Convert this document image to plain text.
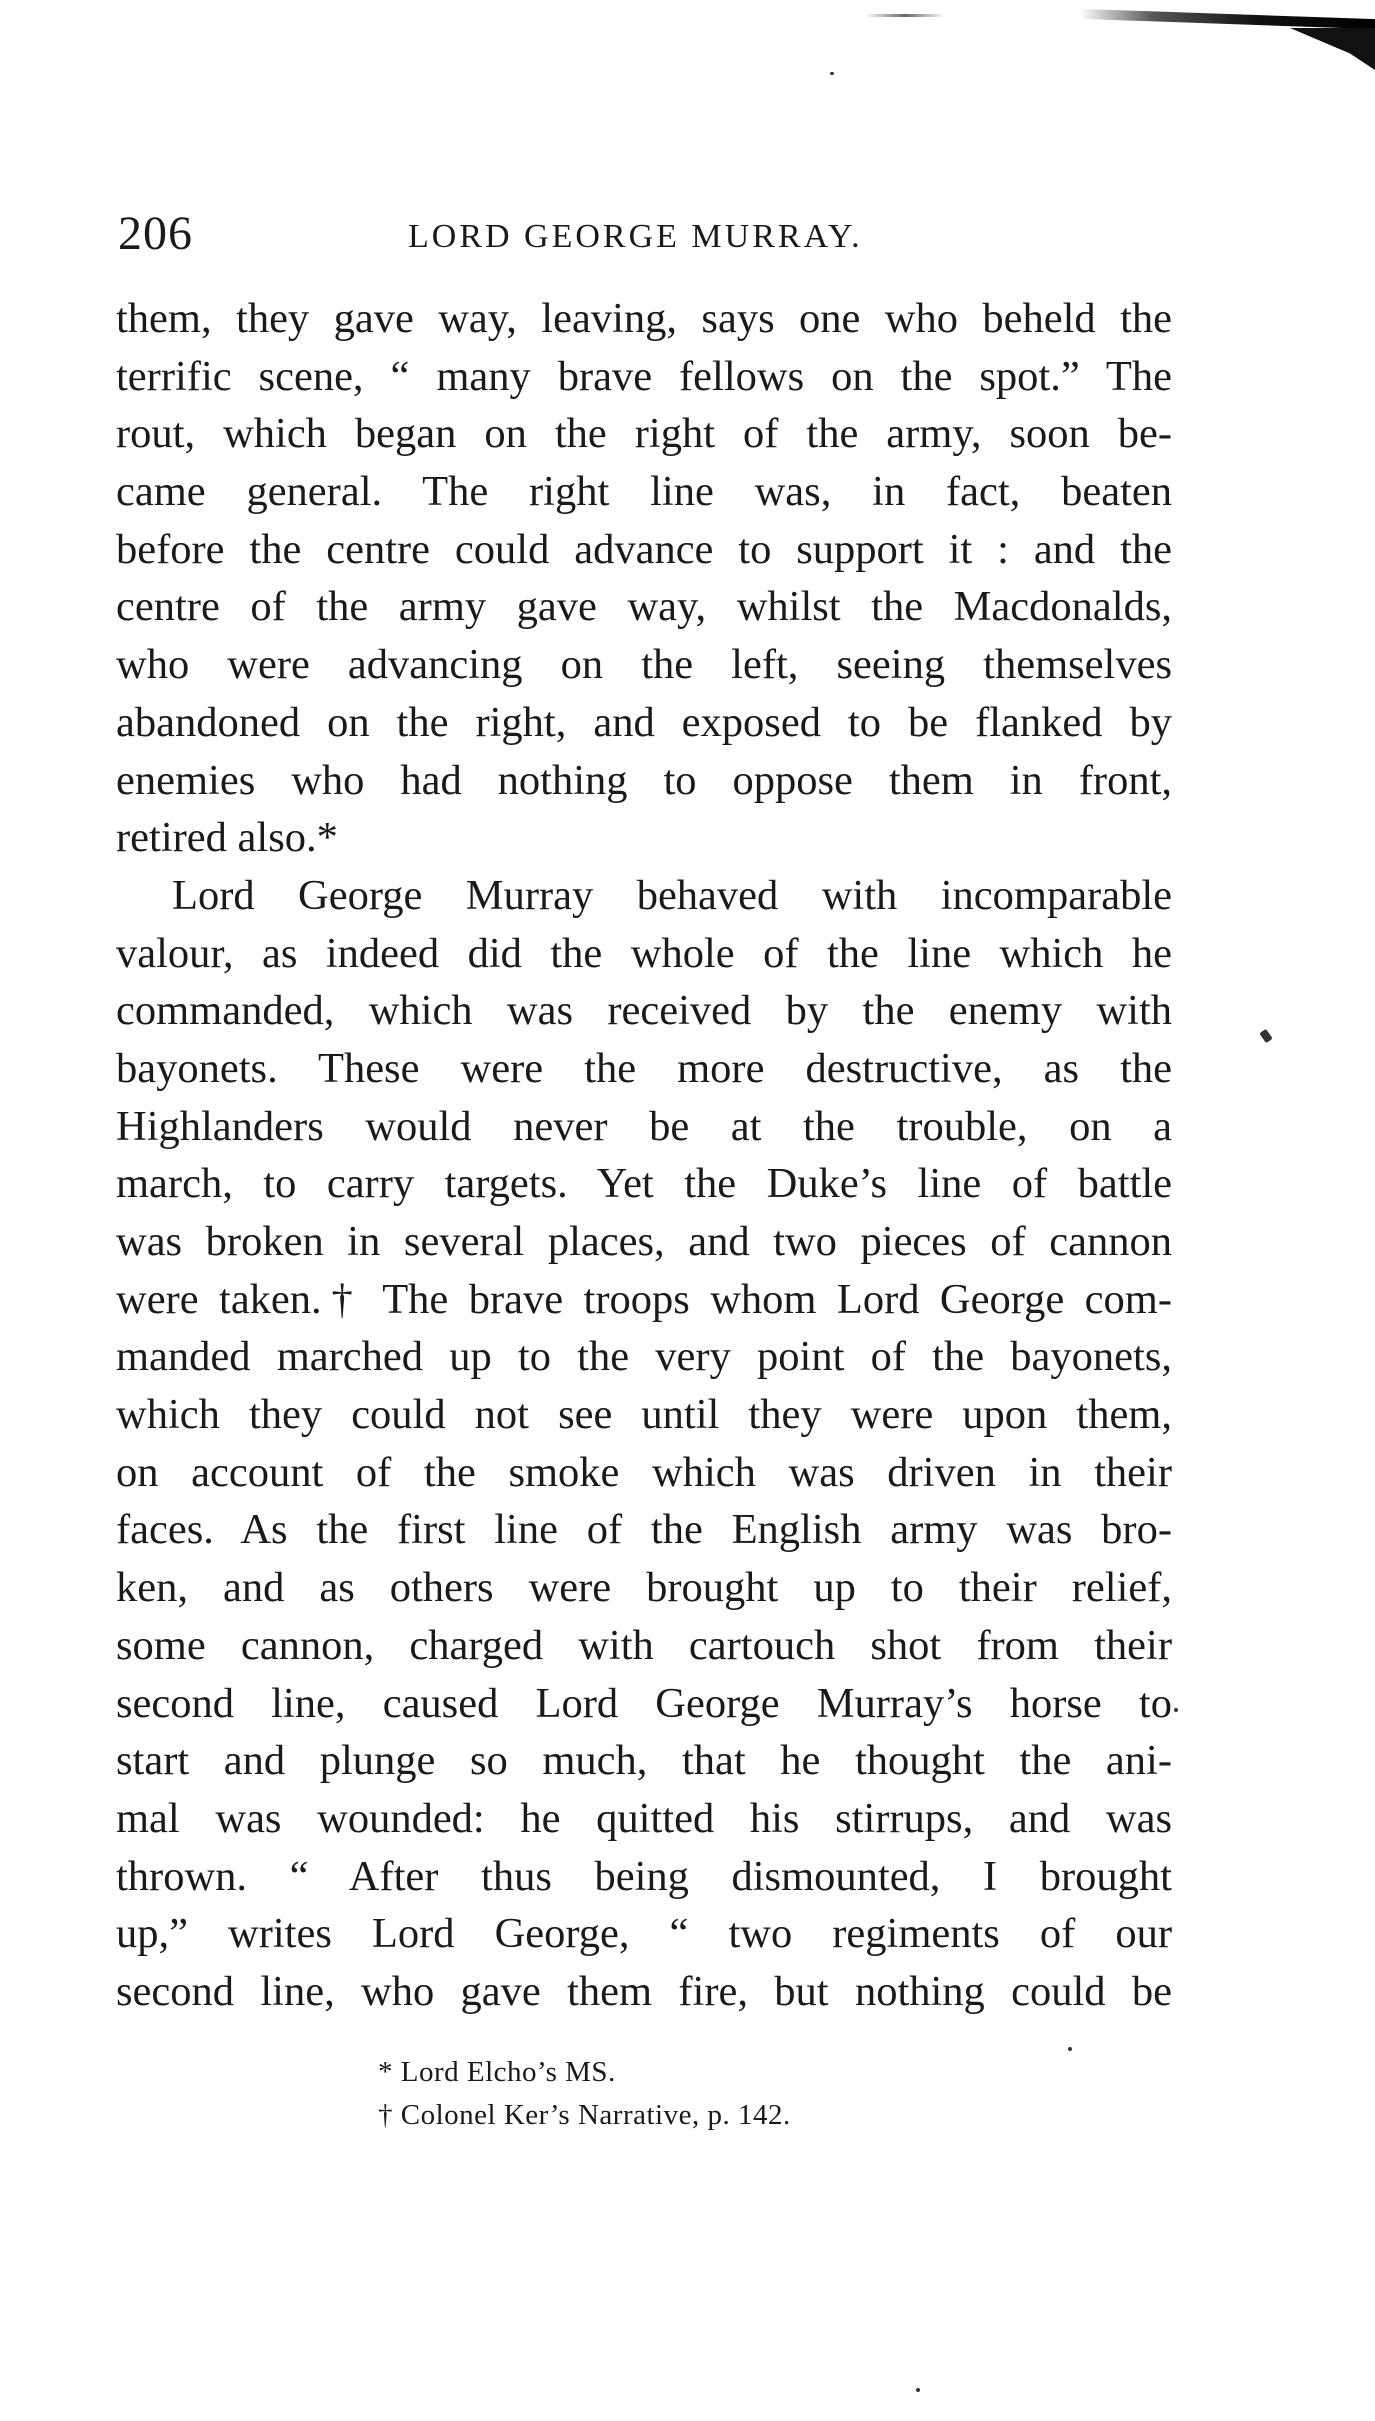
206	LORD GEORGE MURRAY.
them, they gave way, leaving, says one who beheld the
terrific scene, “ many brave fellows on the spot.” The
rout, which began on the right of the army, soon be-
came general. The right line was, in fact, beaten
before the centre could advance to support it : and the
centre of the army gave way, whilst the Macdonalds,
who were advancing on the left, seeing themselves
abandoned on the right, and exposed to be flanked by
enemies who had nothing to oppose them in front,
retired also.*
Lord George Murray behaved with incomparable
valour, as indeed did the whole of the line which he
commanded, which was received by the enemy with
bayonets. These were the more destructive, as the
Highlanders would never be at the trouble, on a
march, to carry targets. Yet the Duke’s line of battle
was broken in several places, and two pieces of cannon
were taken.† The brave troops whom Lord George com-
manded marched up to the very point of the bayonets,
which they could not see until they were upon them,
on account of the smoke which was driven in their
faces. As the first line of the English army was bro-
ken, and as others were brought up to their relief,
some cannon, charged with cartouch shot from their
second line, caused Lord George Murray’s horse to
start and plunge so much, that he thought the ani-
mal was wounded: he quitted his stirrups, and was
thrown. “ After thus being dismounted, I brought
up,” writes Lord George, “ two regiments of our
second line, who gave them fire, but nothing could be
* Lord Elcho’s MS.
† Colonel Ker’s Narrative, p. 142.
